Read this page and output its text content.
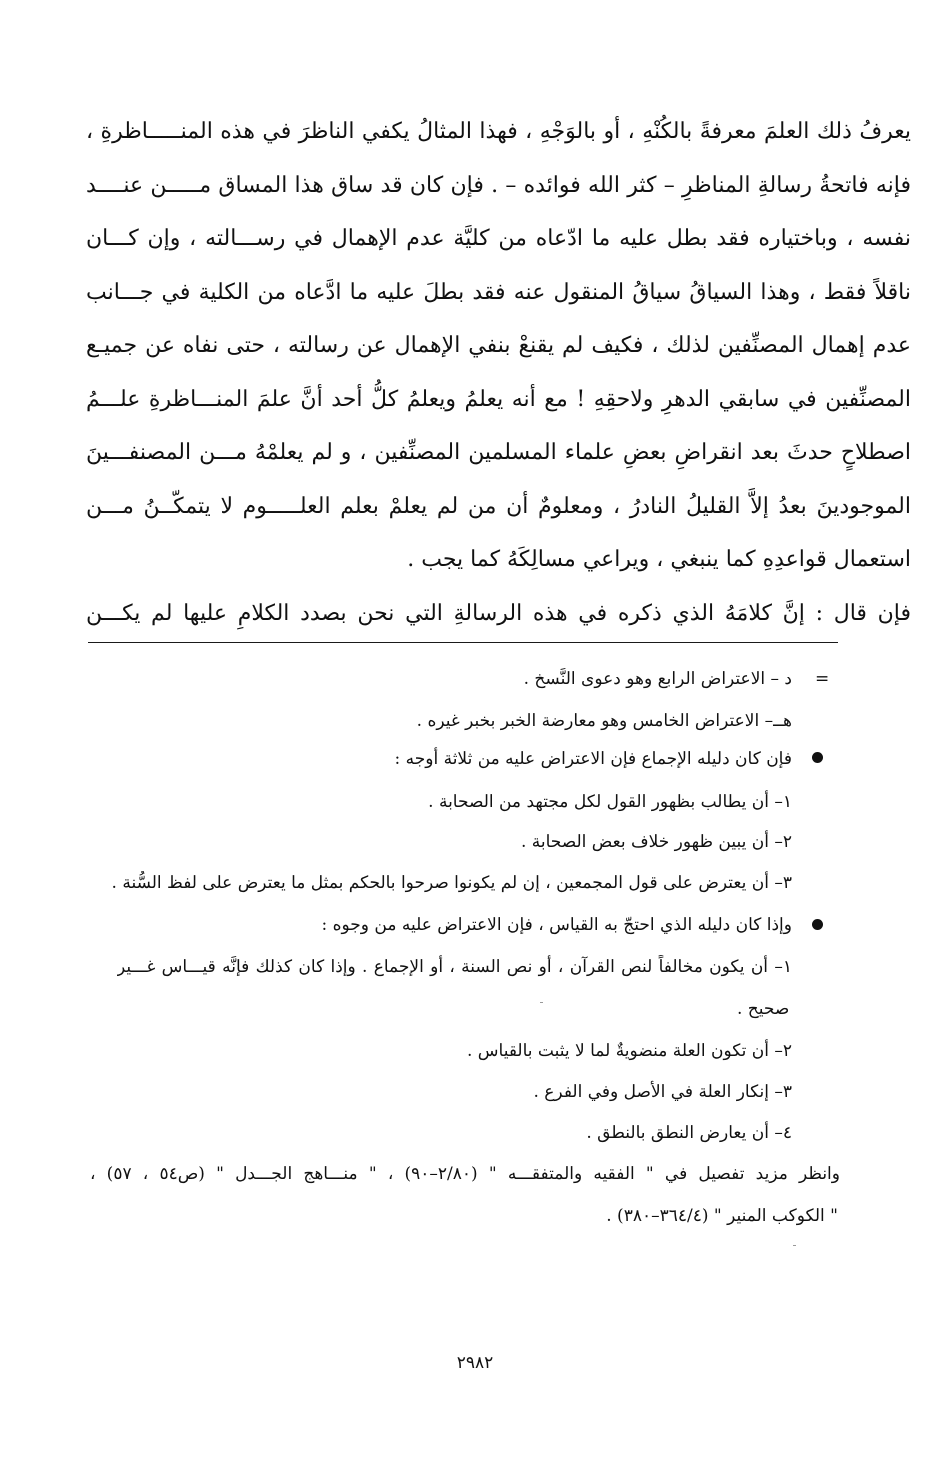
يعرفُ ذلك العلمَ معرفةً بالكُنْهِ ، أو بالوَجْهِ ، فهذا المثالُ يكفي الناظرَ في هذه المنـــــاظرةِ ،
فإنه فاتحةُ رسالةِ المناظرِ – كثر الله فوائده – . فإن كان قد ساق هذا المساق مـــــن عنــــد
نفسه ، وباختياره فقد بطل عليه ما ادّعاه من كليَّة عدم الإهمال في رســـالته ، وإن كـــان
ناقلاً فقط ، وهذا السياقُ سياقُ المنقول عنه فقد بطلَ عليه ما ادَّعاه من الكلية في جـــانب
عدم إهمال المصنِّفين لذلك ، فكيف لم يقنعْ بنفي الإهمال عن رسالته ، حتى نفاه عن جميـع
المصنِّفين في سابقي الدهرِ ولاحقِهِ ! مع أنه يعلمُ ويعلمُ كلُّ أحد أنَّ علمَ المنـــاظرةِ علـــمُ
اصطلاحٍ حدثَ بعد انقراضِ بعضِ علماء المسلمين المصنِّفين ، و لم يعلمْهُ مـــن المصنفـــينَ
الموجودينَ بعدُ إلاَّ القليلُ النادرُ ، ومعلومٌ أن من لم يعلمْ بعلم العلـــــوم لا يتمكّــنُ مـــن
استعمال قواعدِهِ كما ينبغي ، ويراعي مسالِكَهُ كما يجب .
فإن قال : إنَّ كلامَهُ الذي ذكره في هذه الرسالةِ التي نحن بصدد الكلامِ عليها لم يكـــن
=
د – الاعتراض الرابع وهو دعوى النَّسخ .
هــ– الاعتراض الخامس وهو معارضة الخبر بخبر غيره .
فإن كان دليله الإجماع فإن الاعتراض عليه من ثلاثة أوجه :
١– أن يطالب بظهور القول لكل مجتهد من الصحابة .
٢– أن يبين ظهور خلاف بعض الصحابة .
٣– أن يعترض على قول المجمعين ، إن لم يكونوا صرحوا بالحكم بمثل ما يعترض على لفظ السُّنة .
وإذا كان دليله الذي احتجّ به القياس ، فإن الاعتراض عليه من وجوه :
١– أن يكون مخالفاً لنص القرآن ، أو نص السنة ، أو الإجماع . وإذا كان كذلك فإنَّه قيـــاس غـــير
صحيح .
٢– أن تكون العلة منضويةٌ لما لا يثبت بالقياس .
٣– إنكار العلة في الأصل وفي الفرع .
٤– أن يعارض النطق بالنطق .
وانظر مزيد تفصيل في " الفقيه والمتفقـــه " (٢/٨٠–٩٠) ، " منـــاهج الجـــدل " (ص٥٤ ، ٥٧) ،
" الكوكب المنير " (٣٦٤/٤–٣٨٠) .
٢٩٨٢
